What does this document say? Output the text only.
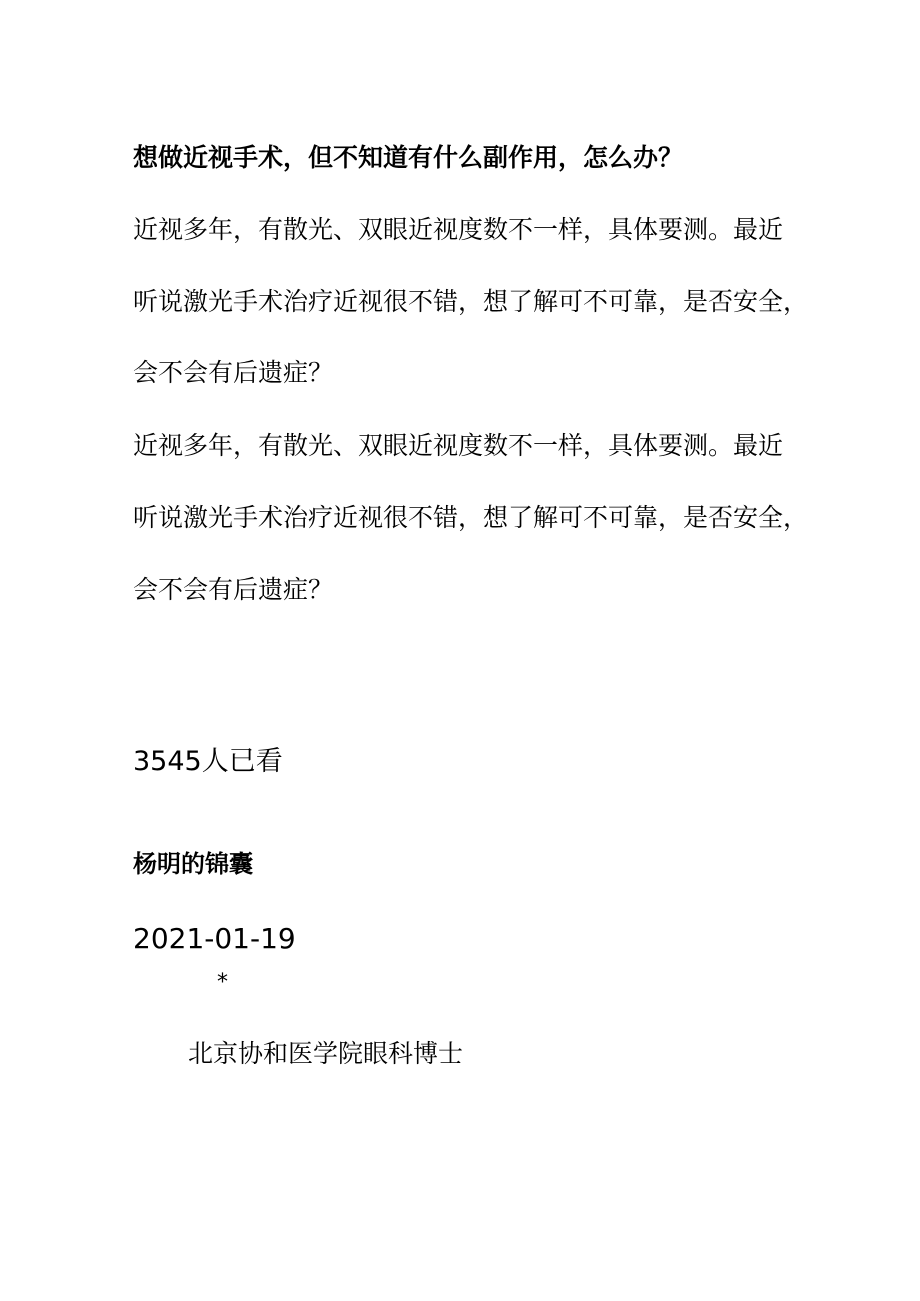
想做近视手术，但不知道有什么副作用，怎么办？
近视多年，有散光、双眼近视度数不一样，具体要测。最近
听说激光手术治疗近视很不错，想了解可不可靠，是否安全，
会不会有后遗症？
近视多年，有散光、双眼近视度数不一样，具体要测。最近
听说激光手术治疗近视很不错，想了解可不可靠，是否安全，
会不会有后遗症？
3545人已看
杨明的锦囊
2021-01-19
*
北京协和医学院眼科博士
